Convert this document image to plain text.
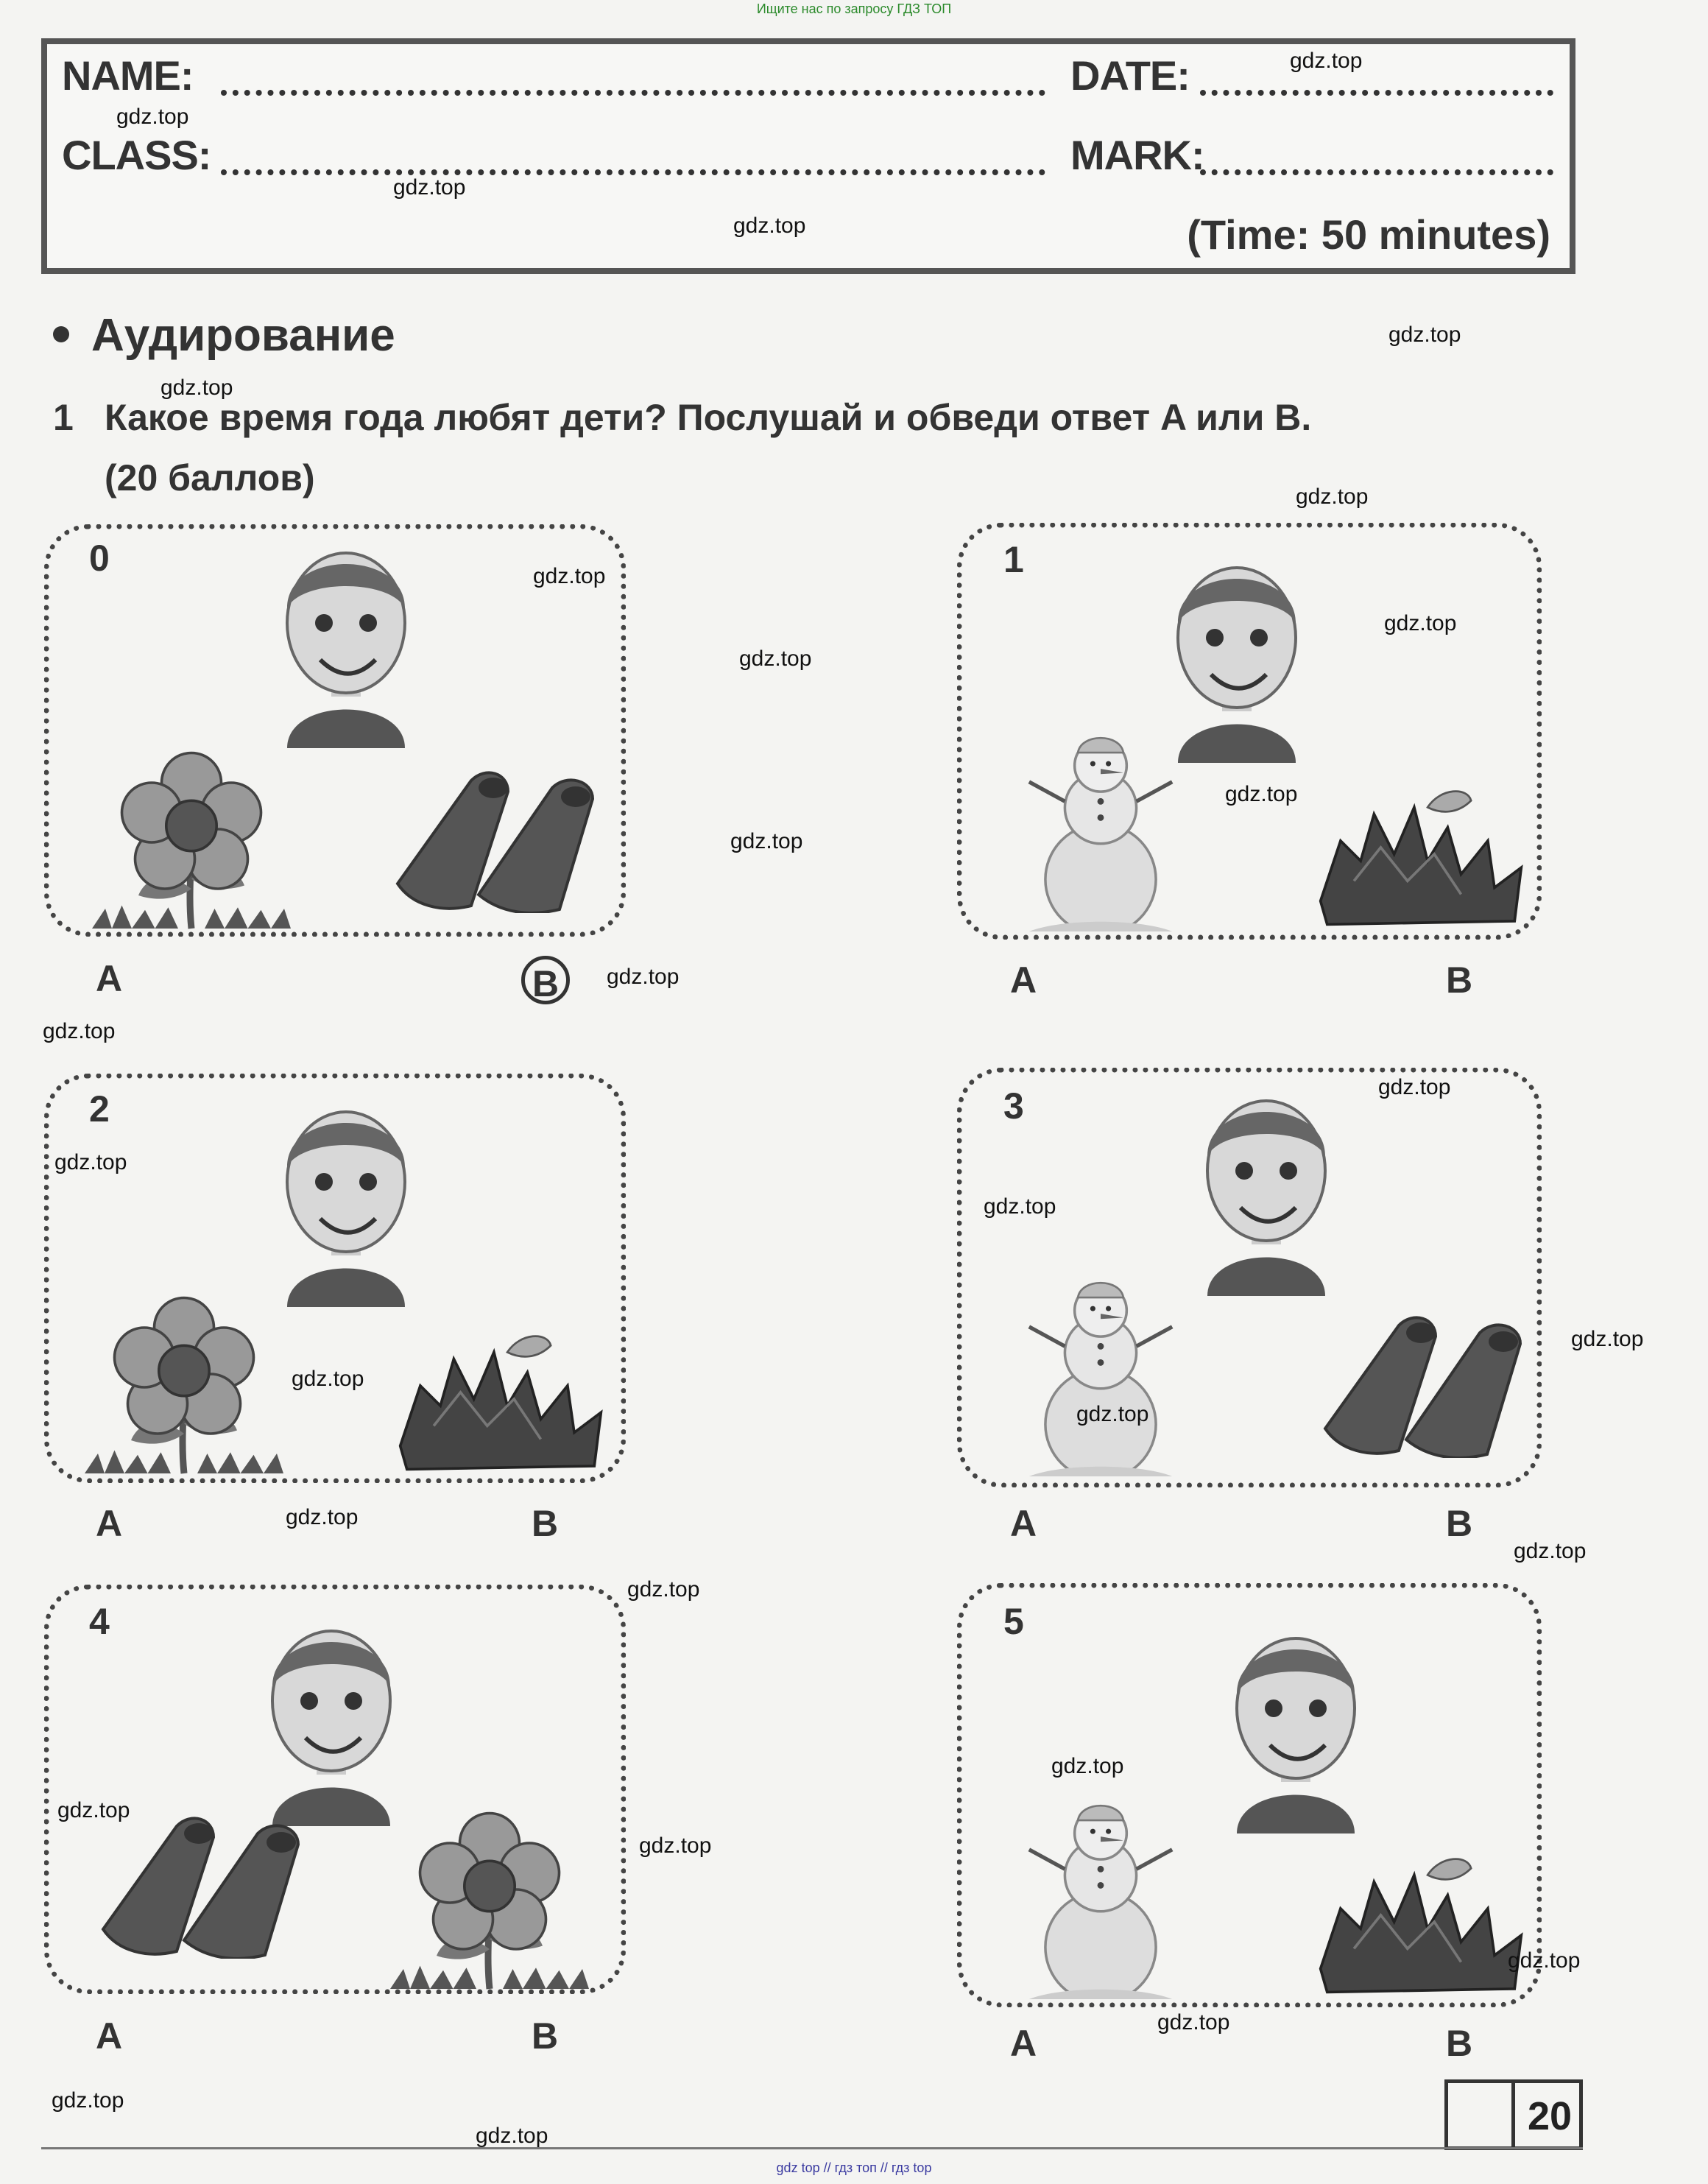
Ищите нас по запросу ГДЗ ТОП
NAME:	DATE:
CLASS:	MARK:
(Time: 50 minutes)
Аудирование
1 Какое время года любят дети? Послушай и обведи ответ A или B.
(20 баллов)
0
A	B
1
A	B
2
A	B
3
A	B
4
A	B
5
A	B
20
gdz top // гдз топ // гдз top
gdz.top
gdz.top
gdz.top
gdz.top
gdz.top
gdz.top
gdz.top
gdz.top
gdz.top
gdz.top
gdz.top
gdz.top
gdz.top
gdz.top
gdz.top
gdz.top
gdz.top
gdz.top
gdz.top
gdz.top
gdz.top
gdz.top
gdz.top
gdz.top
gdz.top
gdz.top
gdz.top
gdz.top
gdz.top
gdz.top
